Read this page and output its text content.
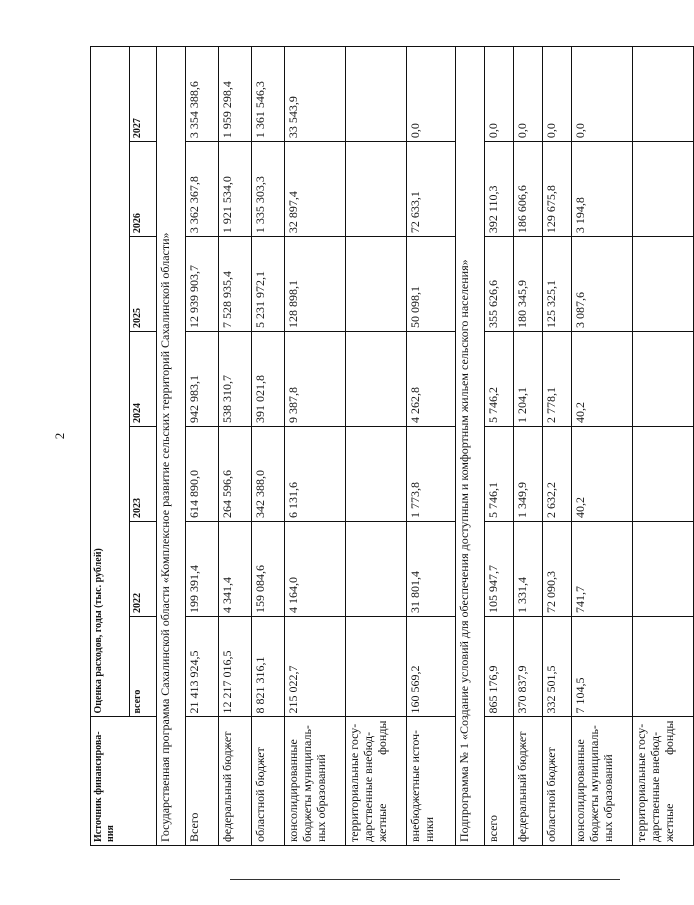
2
Источник финансирова-ния	Оценка расходов, годы (тыс. рублей)						
	всего	2022	2023	2024	2025	2026	2027
Государственная программа Сахалинской области «Комплексное развитие сельских территорий Сахалинской области»							
Всего	21 413 924,5	199 391,4	614 890,0	942 983,1	12 939 903,7	3 362 367,8	3 354 388,6
федеральный бюджет	12 217 016,5	4 341,4	264 596,6	538 310,7	7 528 935,4	1 921 534,0	1 959 298,4
областной бюджет	8 821 316,1	159 084,6	342 388,0	391 021,8	5 231 972,1	1 335 303,3	1 361 546,3
консолидированные бюджеты муниципаль-ных образований	215 022,7	4 164,0	6 131,6	9 387,8	128 898,1	32 897,4	33 543,9
территориальные госу-дарственные внебюд-жетные фонды							
внебюджетные источ-ники	160 569,2	31 801,4	1 773,8	4 262,8	50 098,1	72 633,1	0,0
Подпрограмма № 1 «Создание условий для обеспечения доступным и комфортным жильем сельского населения»							
всего	865 176,9	105 947,7	5 746,1	5 746,2	355 626,6	392 110,3	0,0
федеральный бюджет	370 837,9	1 331,4	1 349,9	1 204,1	180 345,9	186 606,6	0,0
областной бюджет	332 501,5	72 090,3	2 632,2	2 778,1	125 325,1	129 675,8	0,0
консолидированные бюджеты муниципаль-ных образований	7 104,5	741,7	40,2	40,2	3 087,6	3 194,8	0,0
территориальные госу-дарственные внебюд-жетные фонды							
